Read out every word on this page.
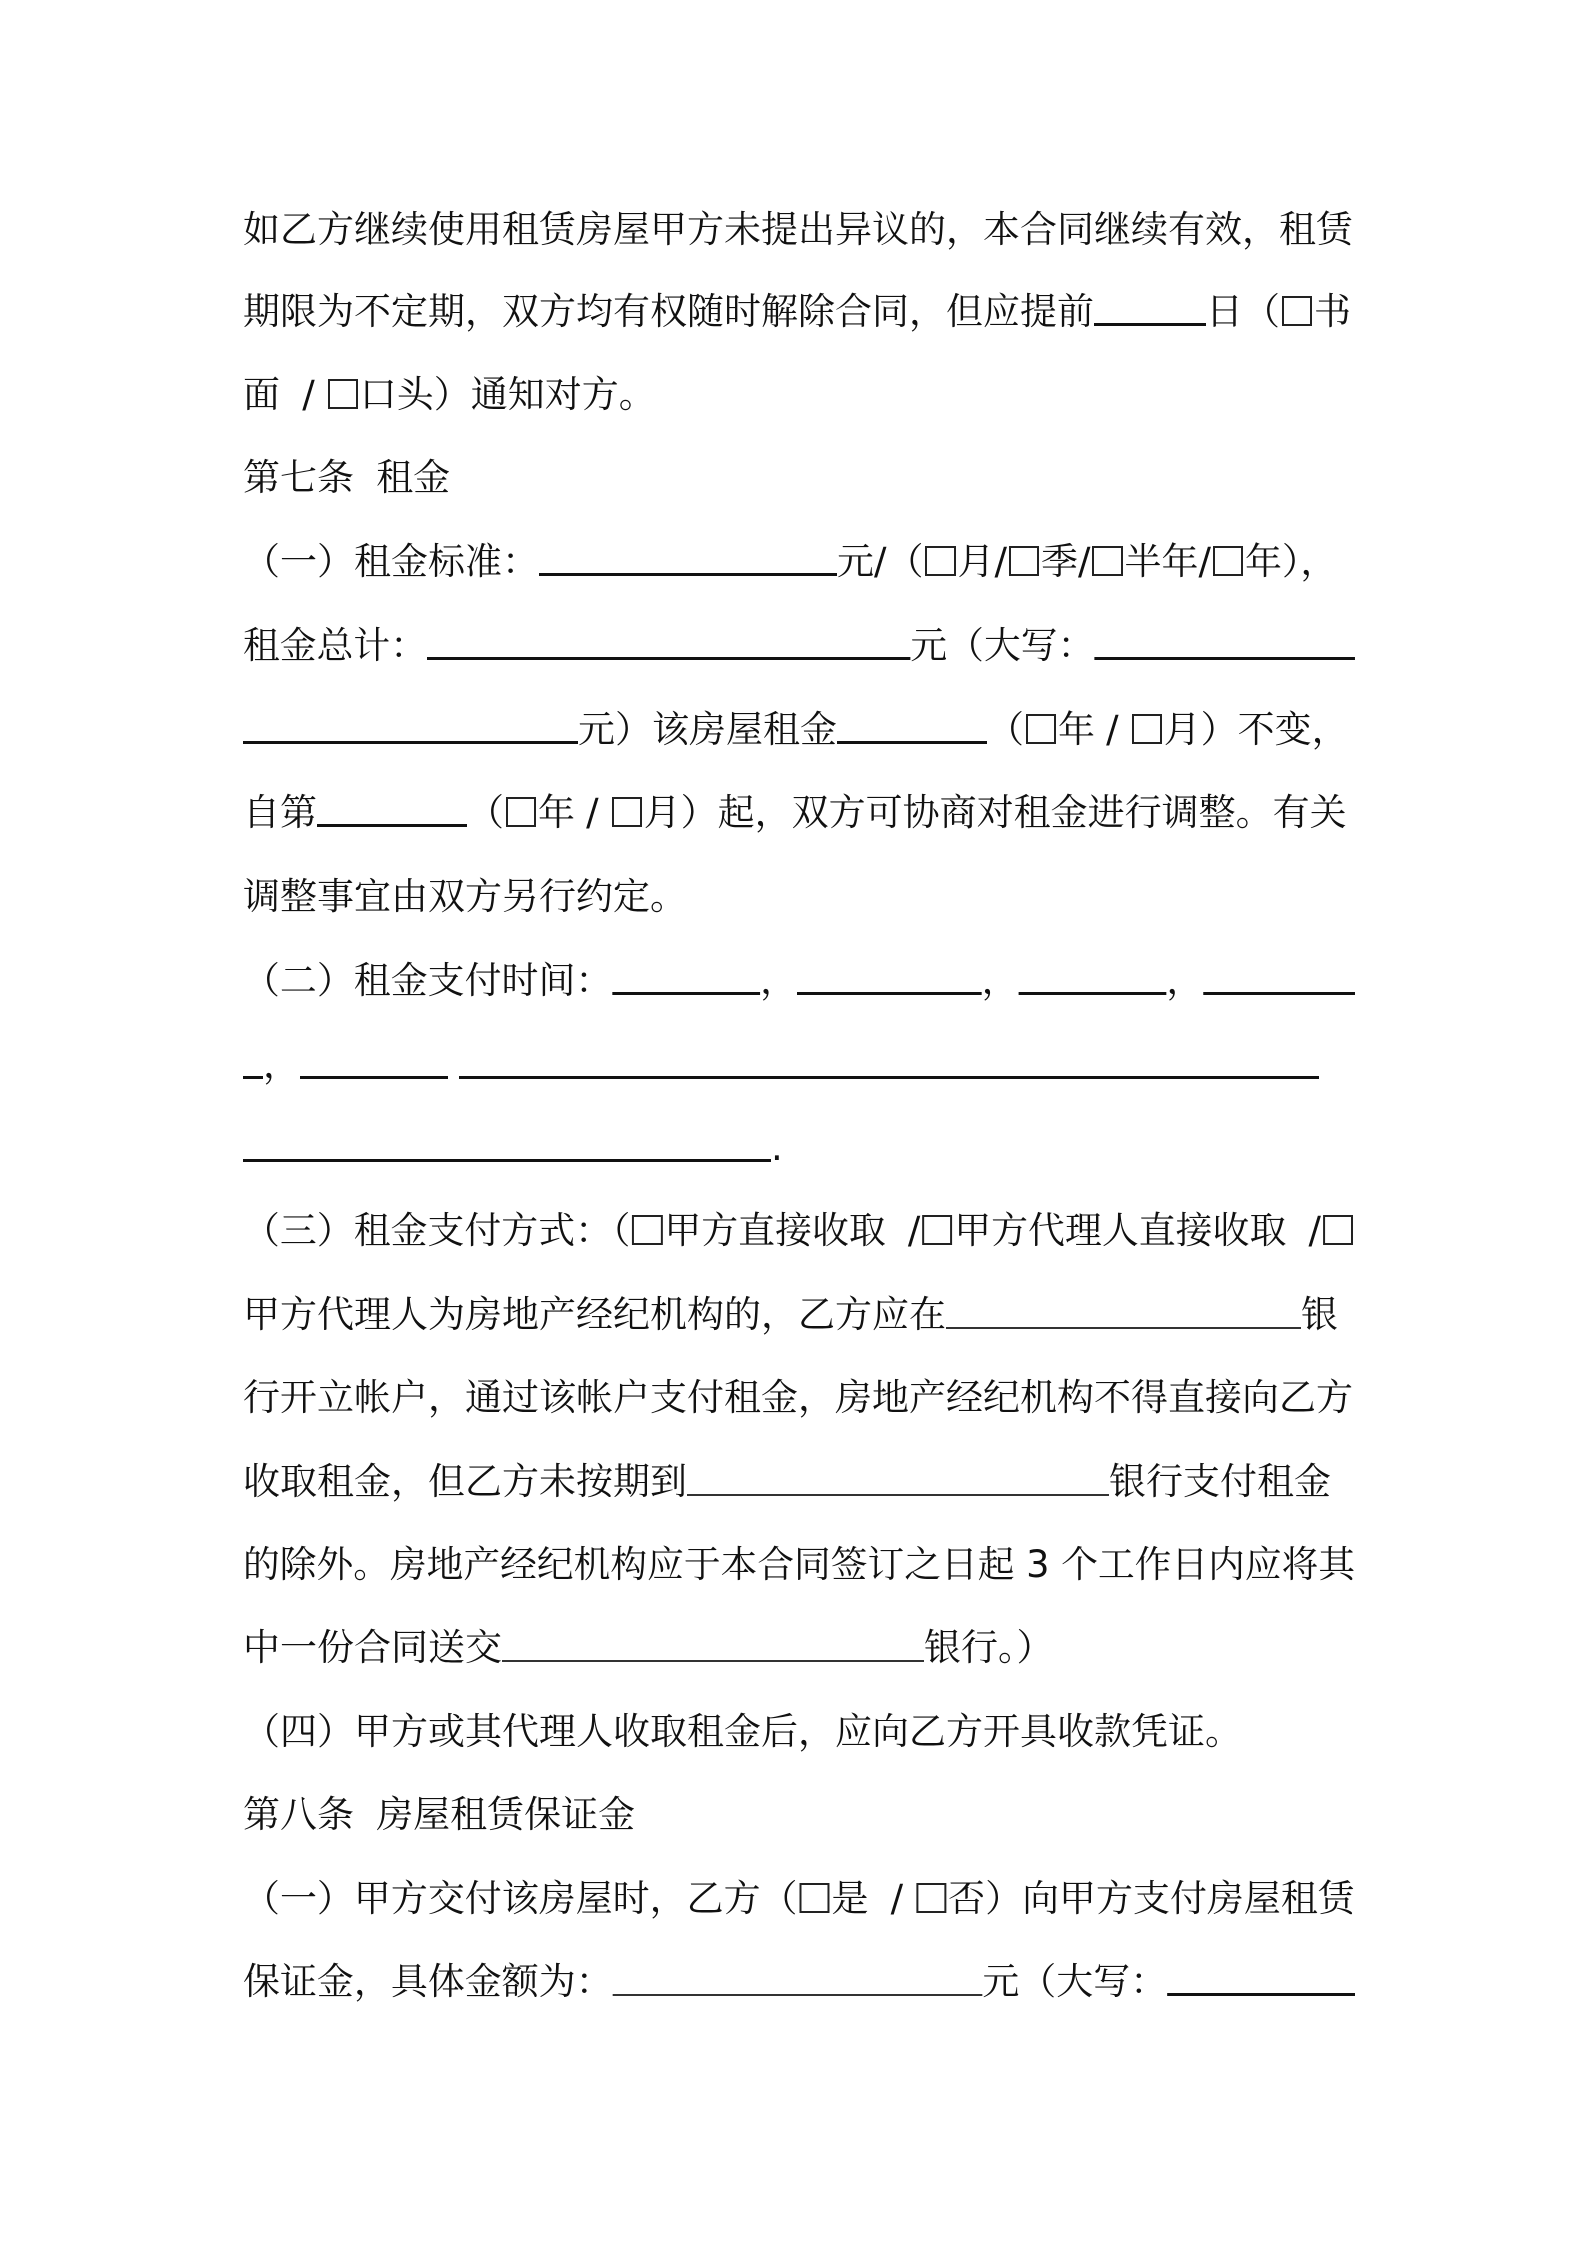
如乙方继续使用租赁房屋甲方未提出异议的，本合同继续有效，租赁
期限为不定期，双方均有权随时解除合同，但应提前	日（ 书
面 / 口头）通知对方。
第七条 租金
（一）租金标准：	元/（ 月/ 季/ 半年/ 年），
租金总计：	元（大写：
元）该房屋租金	（ 年 / 月）不变，
自第	（ 年 / 月）起，双方可协商对租金进行调整。有关
调整事宜由双方另行约定。
（二）租金支付时间：	，	，	，
，
.
（三）租金支付方式：（ 甲方直接收取 / 甲方代理人直接收取 /
甲方代理人为房地产经纪机构的，乙方应在	银
行开立帐户，通过该帐户支付租金，房地产经纪机构不得直接向乙方
收取租金，但乙方未按期到	银行支付租金
的除外。房地产经纪机构应于本合同签订之日起 3 个工作日内应将其
中一份合同送交	银行。）
（四）甲方或其代理人收取租金后，应向乙方开具收款凭证。
第八条 房屋租赁保证金
（一）甲方交付该房屋时，乙方（ 是 / 否）向甲方支付房屋租赁
保证金，具体金额为：	元（大写：
